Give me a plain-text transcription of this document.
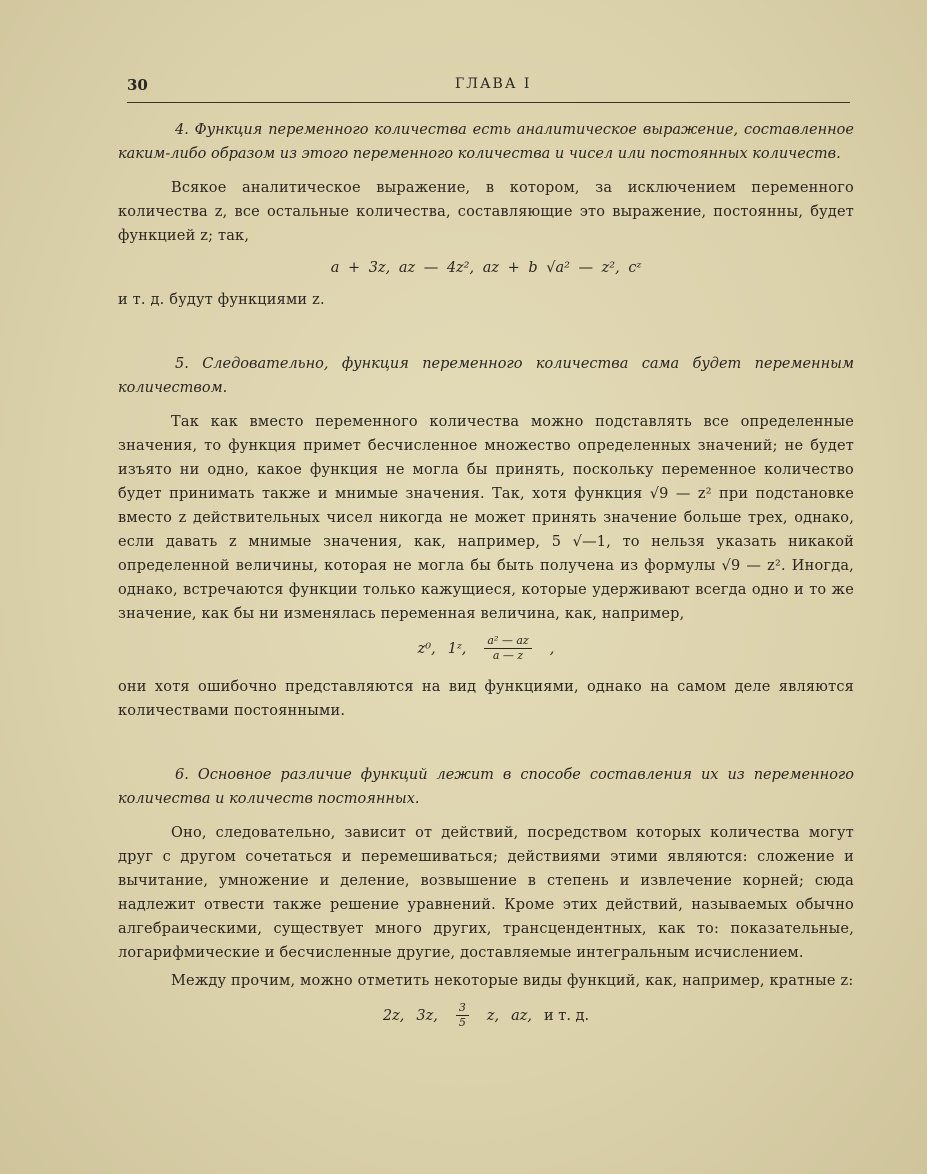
30	ГЛАВА I

4. Функция переменного количества есть аналитическое выражение, составленное каким-либо образом из этого переменного количества и чисел или постоянных количеств.

Всякое аналитическое выражение, в котором, за исключением переменного количества z, все остальные количества, составляющие это выражение, постоянны, будет функцией z; так,

a + 3z, az — 4z², az + b √a² — z², cᶻ

и т. д. будут функциями z.

5. Следовательно, функция переменного количества сама будет переменным количеством.

Так как вместо переменного количества можно подставлять все определенные значения, то функция примет бесчисленное множество определенных значений; не будет изъято ни одно, какое функция не могла бы принять, поскольку переменное количество будет принимать также и мнимые значения. Так, хотя функция √9 — z² при подстановке вместо z действительных чисел никогда не может принять значение больше трех, однако, если давать z мнимые значения, как, например, 5 √—1, то нельзя указать никакой определенной величины, которая не могла бы быть получена из формулы √9 — z². Иногда, однако, встречаются функции только кажущиеся, которые удерживают всегда одно и то же значение, как бы ни изменялась переменная величина, как, например,

z⁰, 1ᶻ, $\frac{\text{a² — az}}{a — z}$ ,

они хотя ошибочно представляются на вид функциями, однако на самом деле являются количествами постоянными.

6. Основное различие функций лежит в способе составления их из переменного количества и количеств постоянных.

Оно, следовательно, зависит от действий, посредством которых количества могут друг с другом сочетаться и перемешиваться; действиями этими являются: сложение и вычитание, умножение и деление, возвышение в степень и извлечение корней; сюда надлежит отвести также решение уравнений. Кроме этих действий, называемых обычно алгебраическими, существует много других, трансцендентных, как то: показательные, логарифмические и бесчисленные другие, доставляемые интегральным исчислением.

Между прочим, можно отметить некоторые виды функций, как, например, кратные z:

2z, 3z, $\frac{3}{5} z$, az, и т. д.
